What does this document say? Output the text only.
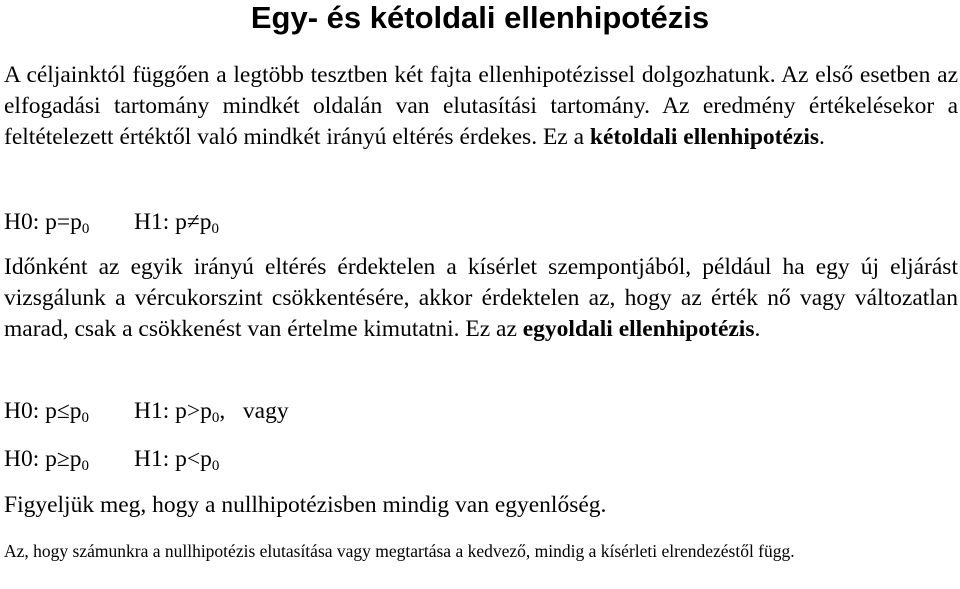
Egy- és kétoldali ellenhipotézis

A céljainktól függően a legtöbb tesztben két fajta ellenhipotézissel dolgozhatunk. Az első esetben az elfogadási tartomány mindkét oldalán van elutasítási tartomány. Az eredmény értékelésekor a feltételezett értéktől való mindkét irányú eltérés érdekes. Ez a kétoldali ellenhipotézis.

H0: $p=p_0$ H1: $p\ne p_0$

Időnként az egyik irányú eltérés érdektelen a kísérlet szempontjából, például ha egy új eljárást vizsgálunk a vércukorszint csökkentésére, akkor érdektelen az, hogy az érték nő vagy változatlan marad, csak a csökkenést van értelme kimutatni. Ez az egyoldali ellenhipotézis.

H0: $p\le p_0$ H1: $p>p_0$,   vagy
H0: $p\ge p_0$ H1: $p<p_0$

Figyeljük meg, hogy a nullhipotézisben mindig van egyenlőség.

Az, hogy számunkra a nullhipotézis elutasítása vagy megtartása a kedvező, mindig a kísérleti elrendezéstől függ.
